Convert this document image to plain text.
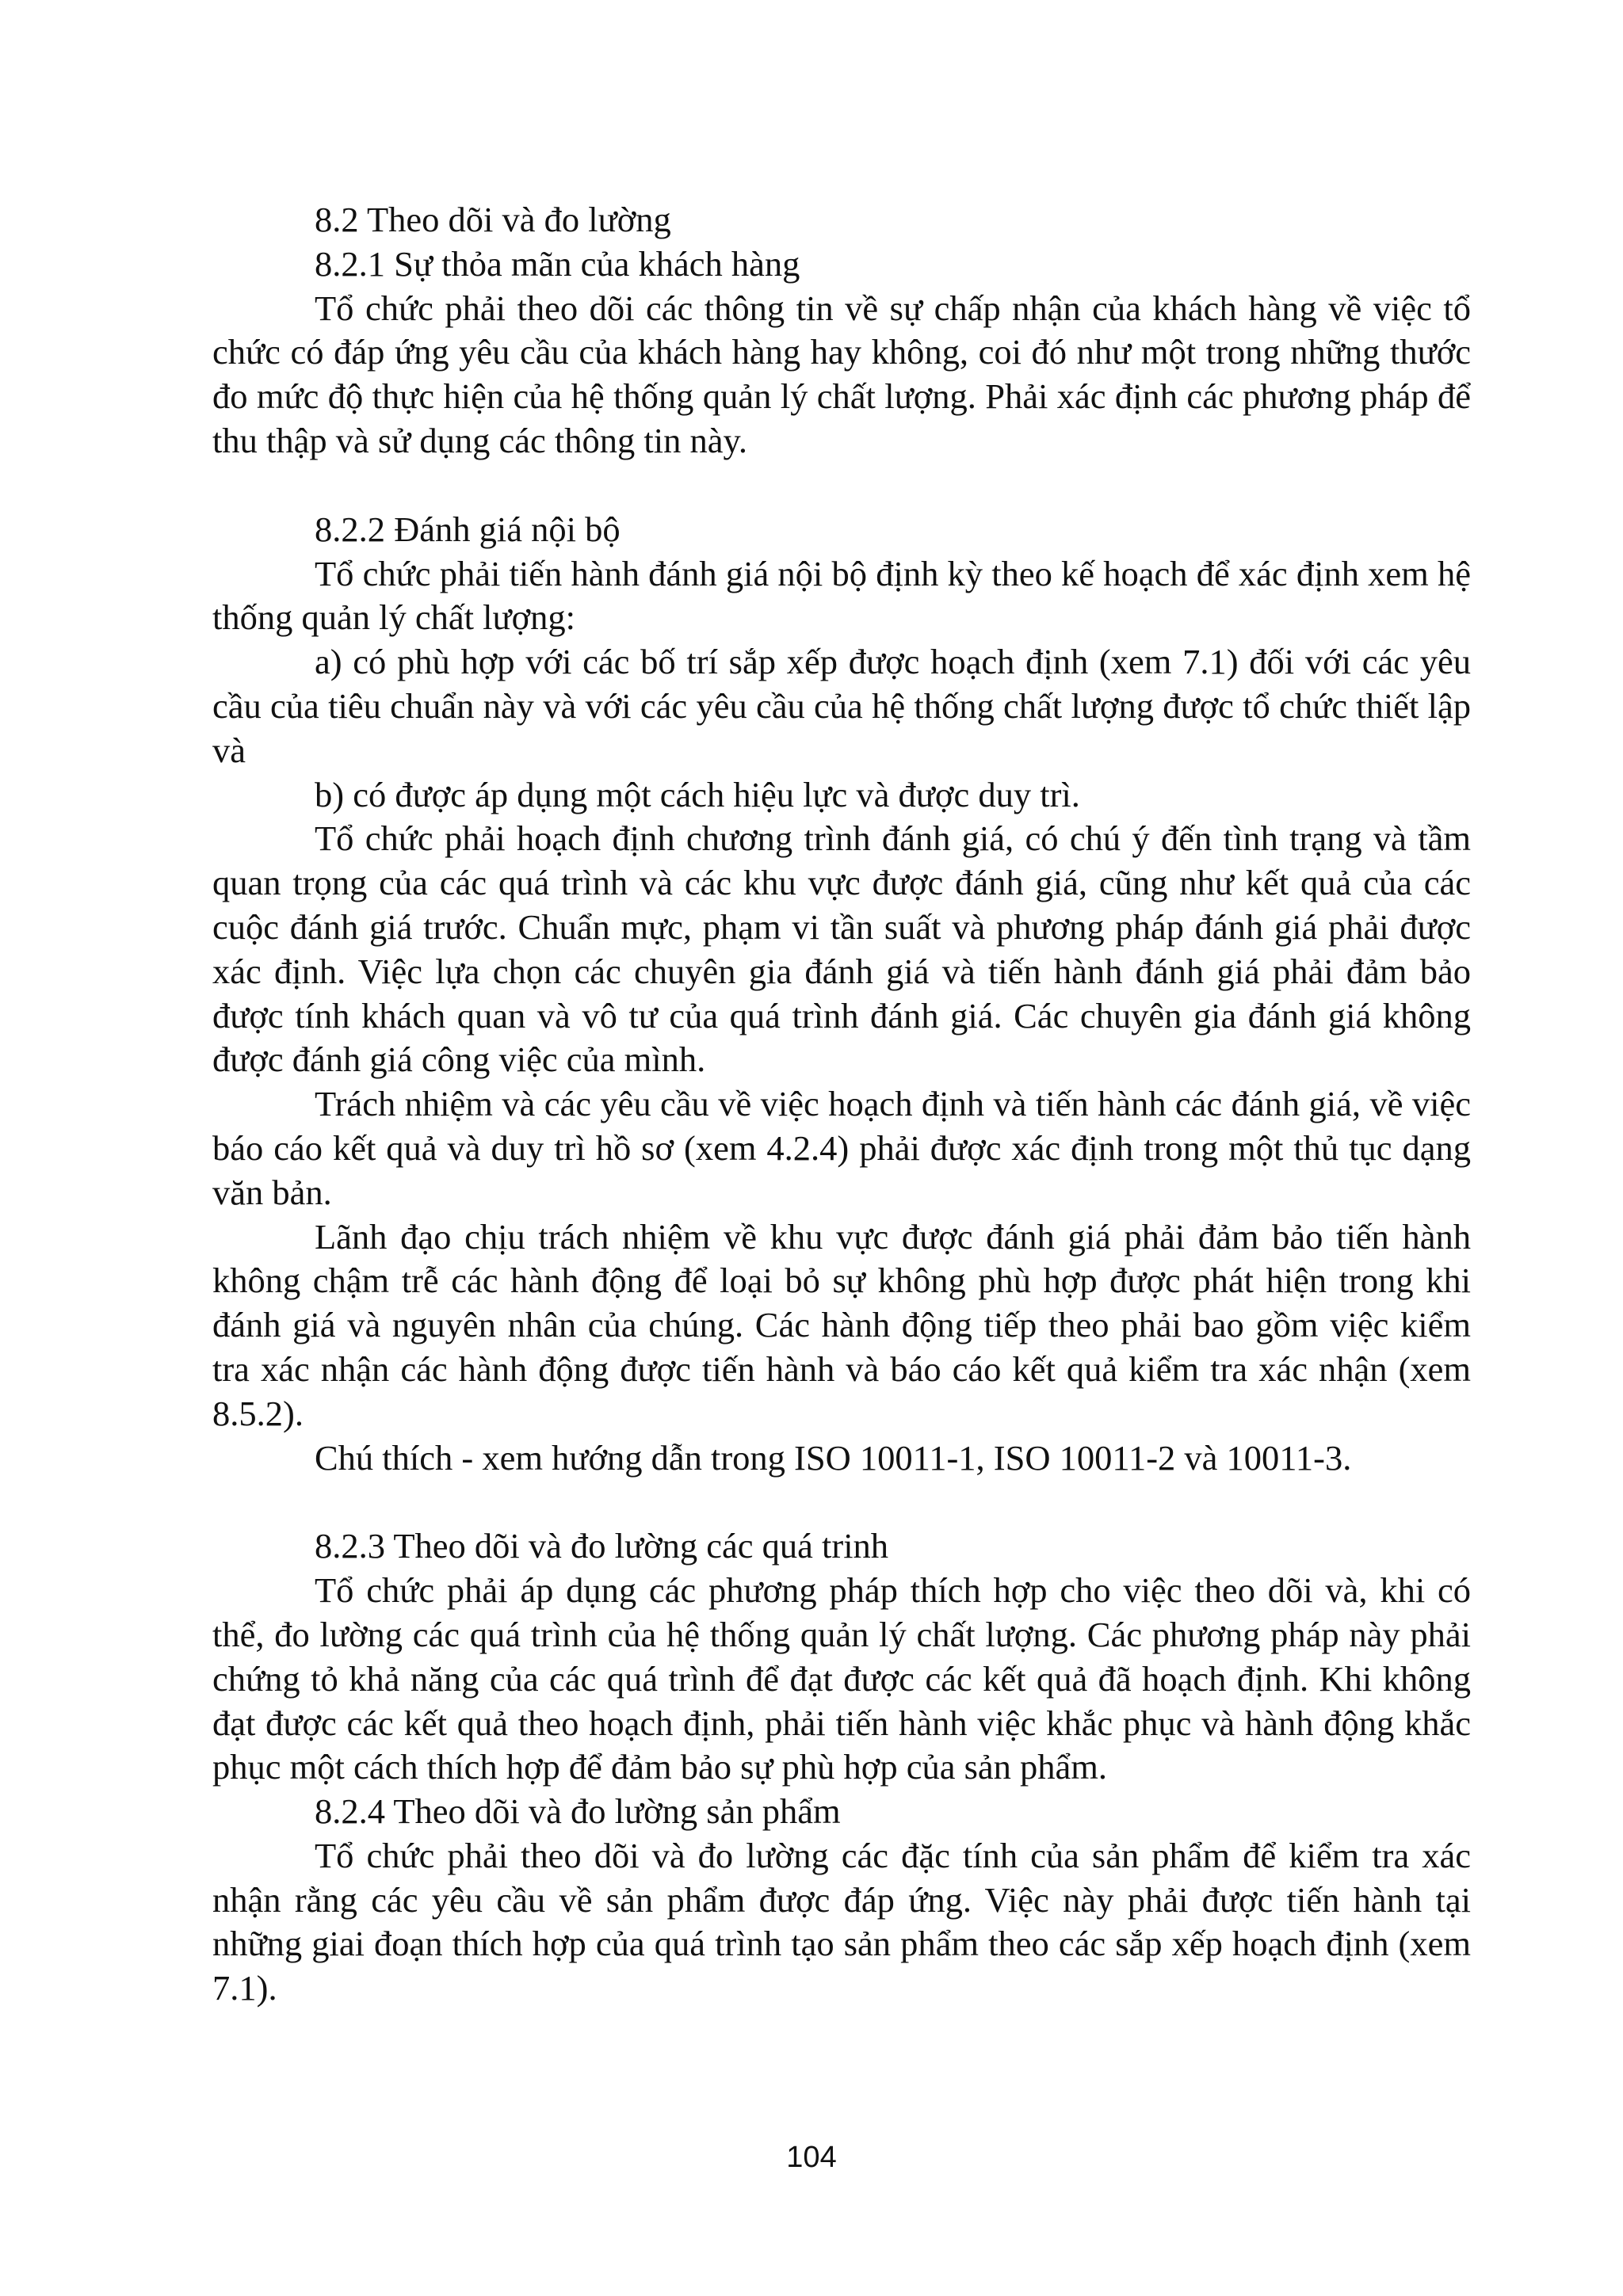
8.2 Theo dõi và đo lường

8.2.1 Sự thỏa mãn của khách hàng

Tổ chức phải theo dõi các thông tin về sự chấp nhận của khách hàng về việc tổ chức có đáp ứng yêu cầu của khách hàng hay không, coi đó như một trong những thước đo mức độ thực hiện của hệ thống quản lý chất lượng. Phải xác định các phương pháp để thu thập và sử dụng các thông tin này.

8.2.2 Đánh giá nội bộ

Tổ chức phải tiến hành đánh giá nội bộ định kỳ theo kế hoạch để xác định xem hệ thống quản lý chất lượng:

a) có phù hợp với các bố trí sắp xếp được hoạch định (xem 7.1) đối với các yêu cầu của tiêu chuẩn này và với các yêu cầu của hệ thống chất lượng được tổ chức thiết lập và

b) có được áp dụng một cách hiệu lực và được duy trì.

Tổ chức phải hoạch định chương trình đánh giá, có chú ý đến tình trạng và tầm quan trọng của các quá trình và các khu vực được đánh giá, cũng như kết quả của các cuộc đánh giá trước. Chuẩn mực, phạm vi tần suất và phương pháp đánh giá phải được xác định. Việc lựa chọn các chuyên gia đánh giá và tiến hành đánh giá phải đảm bảo được tính khách quan và vô tư của quá trình đánh giá. Các chuyên gia đánh giá không được đánh giá công việc của mình.

Trách nhiệm và các yêu cầu về việc hoạch định và tiến hành các đánh giá, về việc báo cáo kết quả và duy trì hồ sơ (xem 4.2.4) phải được xác định trong một thủ tục dạng văn bản.

Lãnh đạo chịu trách nhiệm về khu vực được đánh giá phải đảm bảo tiến hành không chậm trễ các hành động để loại bỏ sự không phù hợp được phát hiện trong khi đánh giá và nguyên nhân của chúng. Các hành động tiếp theo phải bao gồm việc kiểm tra xác nhận các hành động được tiến hành và báo cáo kết quả kiểm tra xác nhận (xem 8.5.2).

Chú thích - xem hướng dẫn trong ISO 10011-1, ISO 10011-2 và 10011-3.

8.2.3 Theo dõi và đo lường các quá trinh

Tổ chức phải áp dụng các phương pháp thích hợp cho việc theo dõi và, khi có thể, đo lường các quá trình của hệ thống quản lý chất lượng. Các phương pháp này phải chứng tỏ khả năng của các quá trình để đạt được các kết quả đã hoạch định. Khi không đạt được các kết quả theo hoạch định, phải tiến hành việc khắc phục và hành động khắc phục một cách thích hợp để đảm bảo sự phù hợp của sản phẩm.

8.2.4 Theo dõi và đo lường sản phẩm

Tổ chức phải theo dõi và đo lường các đặc tính của sản phẩm để kiểm tra xác nhận rằng các yêu cầu về sản phẩm được đáp ứng. Việc này phải được tiến hành tại những giai đoạn thích hợp của quá trình tạo sản phẩm theo các sắp xếp hoạch định (xem 7.1).

104
